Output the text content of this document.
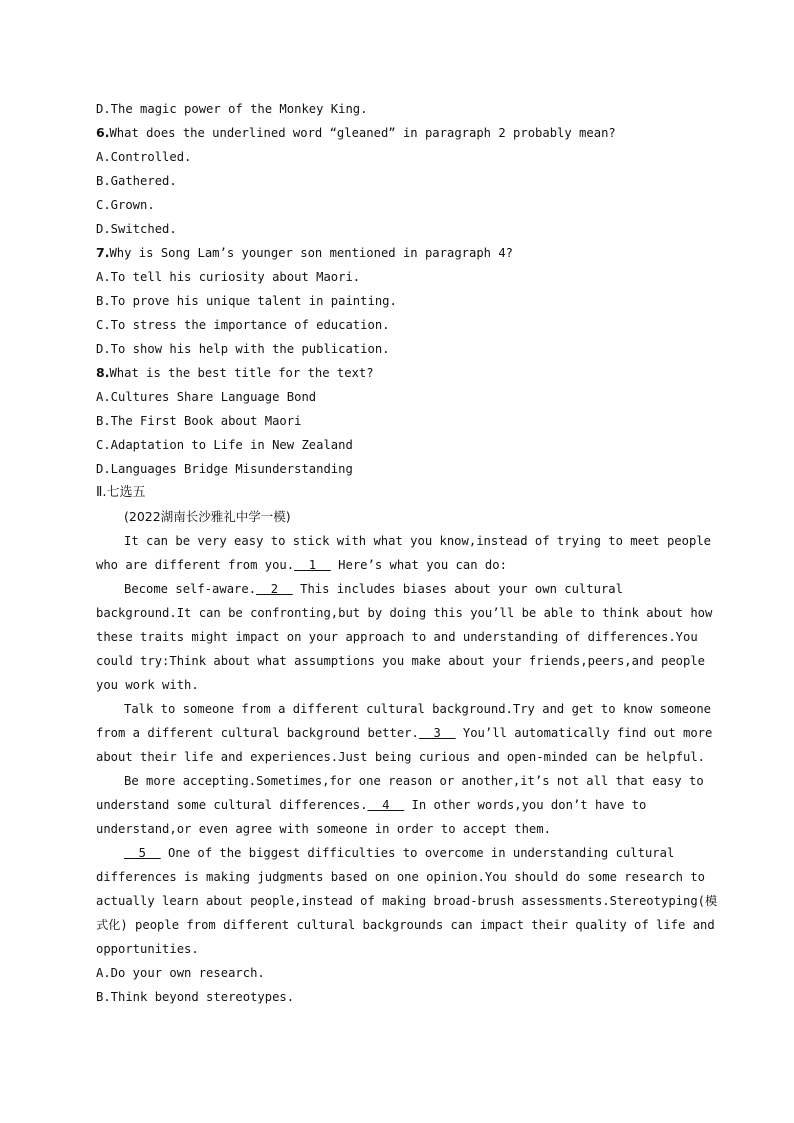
D.The magic power of the Monkey King.
6.What does the underlined word “gleaned” in paragraph 2 probably mean?
A.Controlled.
B.Gathered.
C.Grown.
D.Switched.
7.Why is Song Lam’s younger son mentioned in paragraph 4?
A.To tell his curiosity about Maori.
B.To prove his unique talent in painting.
C.To stress the importance of education.
D.To show his help with the publication.
8.What is the best title for the text?
A.Cultures Share Language Bond
B.The First Book about Maori
C.Adaptation to Life in New Zealand
D.Languages Bridge Misunderstanding
Ⅱ.七选五
(2022湖南长沙雅礼中学一模)
It can be very easy to stick with what you know,instead of trying to meet people
who are different from you.  1   Here’s what you can do:
Become self-aware.  2   This includes biases about your own cultural
background.It can be confronting,but by doing this you’ll be able to think about how
these traits might impact on your approach to and understanding of differences.You
could try:Think about what assumptions you make about your friends,peers,and people
you work with.
Talk to someone from a different cultural background.Try and get to know someone
from a different cultural background better.  3   You’ll automatically find out more
about their life and experiences.Just being curious and open-minded can be helpful.
Be more accepting.Sometimes,for one reason or another,it’s not all that easy to
understand some cultural differences.  4   In other words,you don’t have to
understand,or even agree with someone in order to accept them.
5   One of the biggest difficulties to overcome in understanding cultural
differences is making judgments based on one opinion.You should do some research to
actually learn about people,instead of making broad-brush assessments.Stereotyping(模
式化) people from different cultural backgrounds can impact their quality of life and
opportunities.
A.Do your own research.
B.Think beyond stereotypes.
